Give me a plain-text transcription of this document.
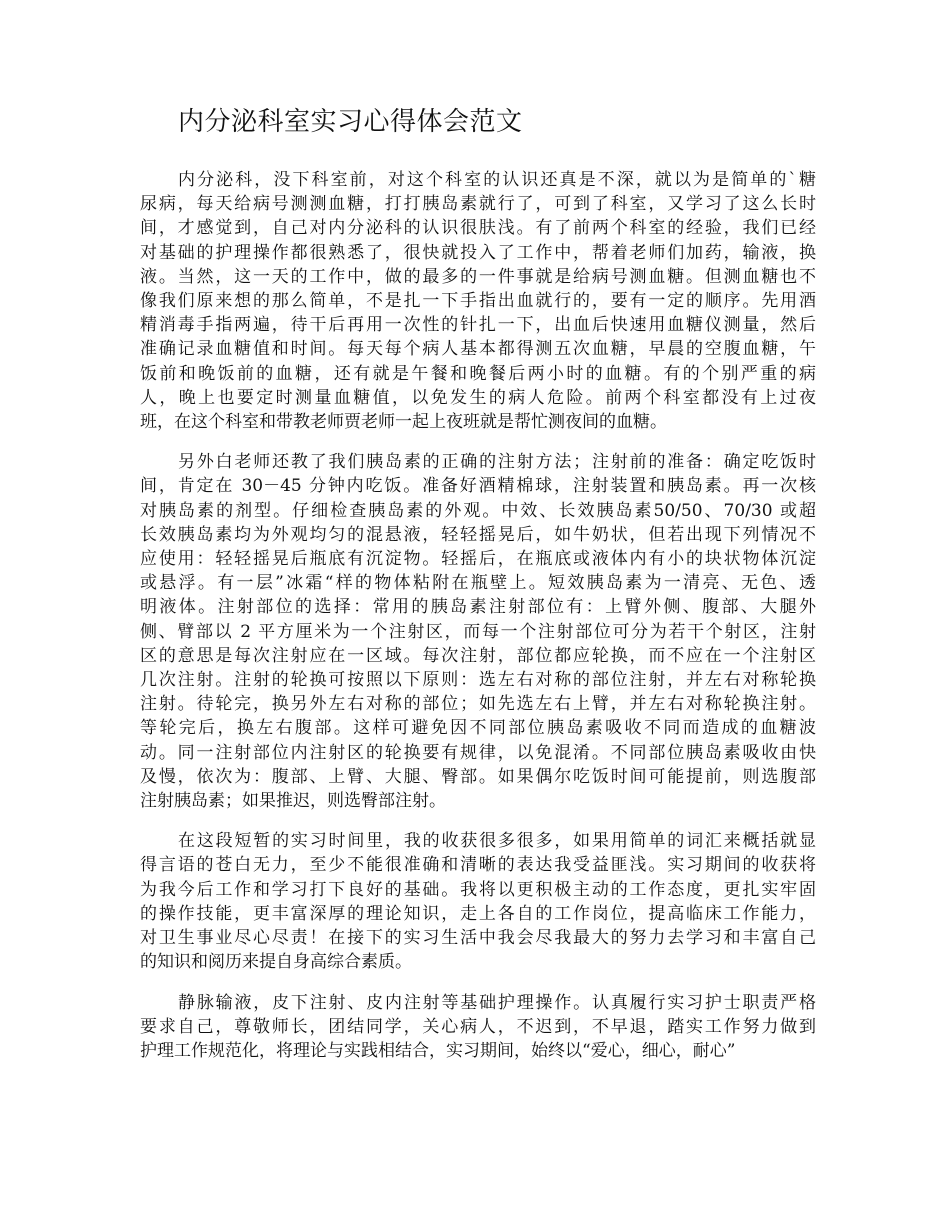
内分泌科室实习心得体会范文
内分泌科，没下科室前，对这个科室的认识还真是不深，就以为是简单的`糖
尿病，每天给病号测测血糖，打打胰岛素就行了，可到了科室，又学习了这么长时
间，才感觉到，自己对内分泌科的认识很肤浅。有了前两个科室的经验，我们已经
对基础的护理操作都很熟悉了，很快就投入了工作中，帮着老师们加药，输液，换
液。当然，这一天的工作中，做的最多的一件事就是给病号测血糖。但测血糖也不
像我们原来想的那么简单，不是扎一下手指出血就行的，要有一定的顺序。先用酒
精消毒手指两遍，待干后再用一次性的针扎一下，出血后快速用血糖仪测量，然后
准确记录血糖值和时间。每天每个病人基本都得测五次血糖，早晨的空腹血糖，午
饭前和晚饭前的血糖，还有就是午餐和晚餐后两小时的血糖。有的个别严重的病
人，晚上也要定时测量血糖值，以免发生的病人危险。前两个科室都没有上过夜
班，在这个科室和带教老师贾老师一起上夜班就是帮忙测夜间的血糖。
另外白老师还教了我们胰岛素的正确的注射方法；注射前的准备：确定吃饭时
间，肯定在 30－45 分钟内吃饭。准备好酒精棉球，注射装置和胰岛素。再一次核
对胰岛素的剂型。仔细检查胰岛素的外观。中效、长效胰岛素50/50、70/30 或超
长效胰岛素均为外观均匀的混悬液，轻轻摇晃后，如牛奶状，但若出现下列情况不
应使用：轻轻摇晃后瓶底有沉淀物。轻摇后，在瓶底或液体内有小的块状物体沉淀
或悬浮。有一层”冰霜“样的物体粘附在瓶壁上。短效胰岛素为一清亮、无色、透
明液体。注射部位的选择：常用的胰岛素注射部位有：上臂外侧、腹部、大腿外
侧、臂部以 2 平方厘米为一个注射区，而每一个注射部位可分为若干个射区，注射
区的意思是每次注射应在一区域。每次注射，部位都应轮换，而不应在一个注射区
几次注射。注射的轮换可按照以下原则：选左右对称的部位注射，并左右对称轮换
注射。待轮完，换另外左右对称的部位；如先选左右上臂，并左右对称轮换注射。
等轮完后，换左右腹部。这样可避免因不同部位胰岛素吸收不同而造成的血糖波
动。同一注射部位内注射区的轮换要有规律，以免混淆。不同部位胰岛素吸收由快
及慢，依次为：腹部、上臂、大腿、臀部。如果偶尔吃饭时间可能提前，则选腹部
注射胰岛素；如果推迟，则选臀部注射。
在这段短暂的实习时间里，我的收获很多很多，如果用简单的词汇来概括就显
得言语的苍白无力，至少不能很准确和清晰的表达我受益匪浅。实习期间的收获将
为我今后工作和学习打下良好的基础。我将以更积极主动的工作态度，更扎实牢固
的操作技能，更丰富深厚的理论知识，走上各自的工作岗位，提高临床工作能力，
对卫生事业尽心尽责！在接下的实习生活中我会尽我最大的努力去学习和丰富自己
的知识和阅历来提自身高综合素质。
静脉输液，皮下注射、皮内注射等基础护理操作。认真履行实习护士职责严格
要求自己，尊敬师长，团结同学，关心病人，不迟到，不早退，踏实工作努力做到
护理工作规范化，将理论与实践相结合，实习期间，始终以“爱心，细心，耐心”
